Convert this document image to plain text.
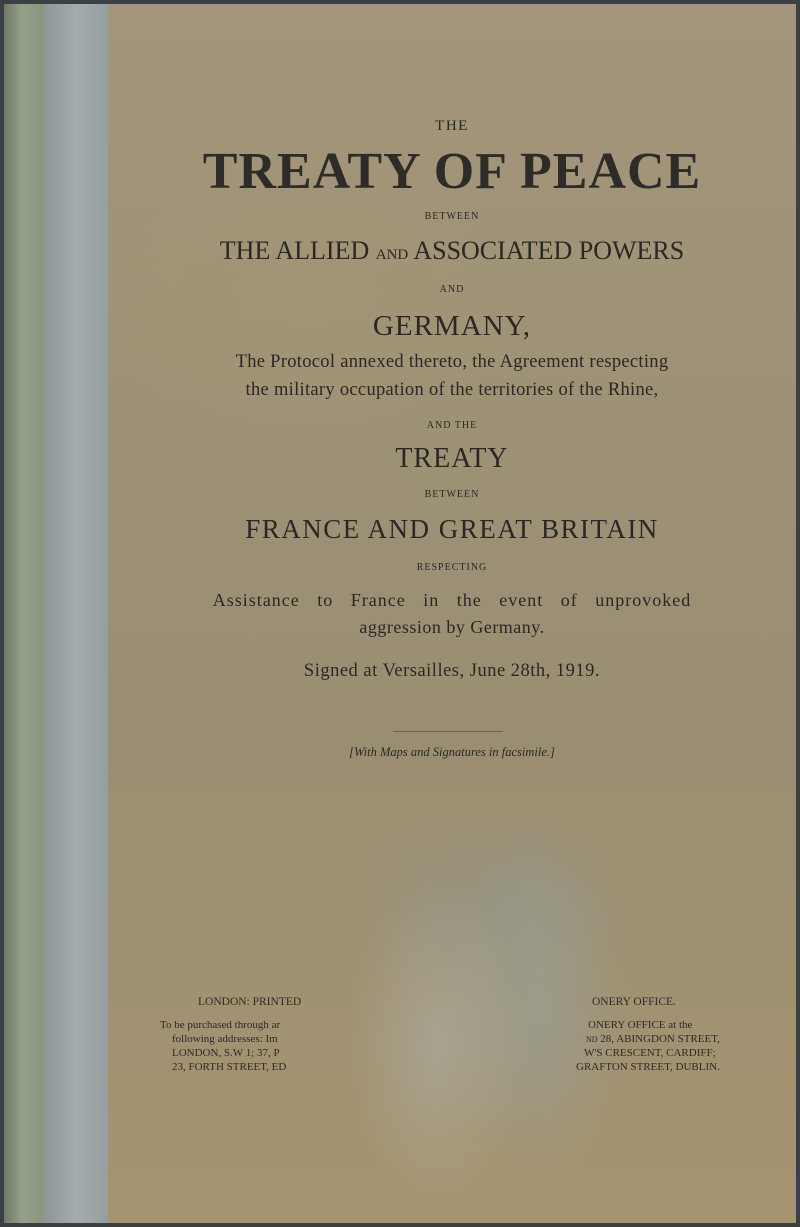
THE
TREATY OF PEACE
BETWEEN
THE ALLIED AND ASSOCIATED POWERS
AND
GERMANY,
The Protocol annexed thereto, the Agreement respecting
the military occupation of the territories of the Rhine,
AND THE
TREATY
BETWEEN
FRANCE AND GREAT BRITAIN
RESPECTING
Assistance to France in the event of unprovoked
aggression by Germany.
Signed at Versailles, June 28th, 1919.
[With Maps and Signatures in facsimile.]
LONDON: PRINTED	ONERY OFFICE.
To be purchased through ar
following addresses: Im
LONDON, S.W 1; 37, P
23, FORTH STREET, ED
ONERY OFFICE at the
nd 28, ABINGDON STREET,
W'S CRESCENT, CARDIFF;
GRAFTON STREET, DUBLIN.
